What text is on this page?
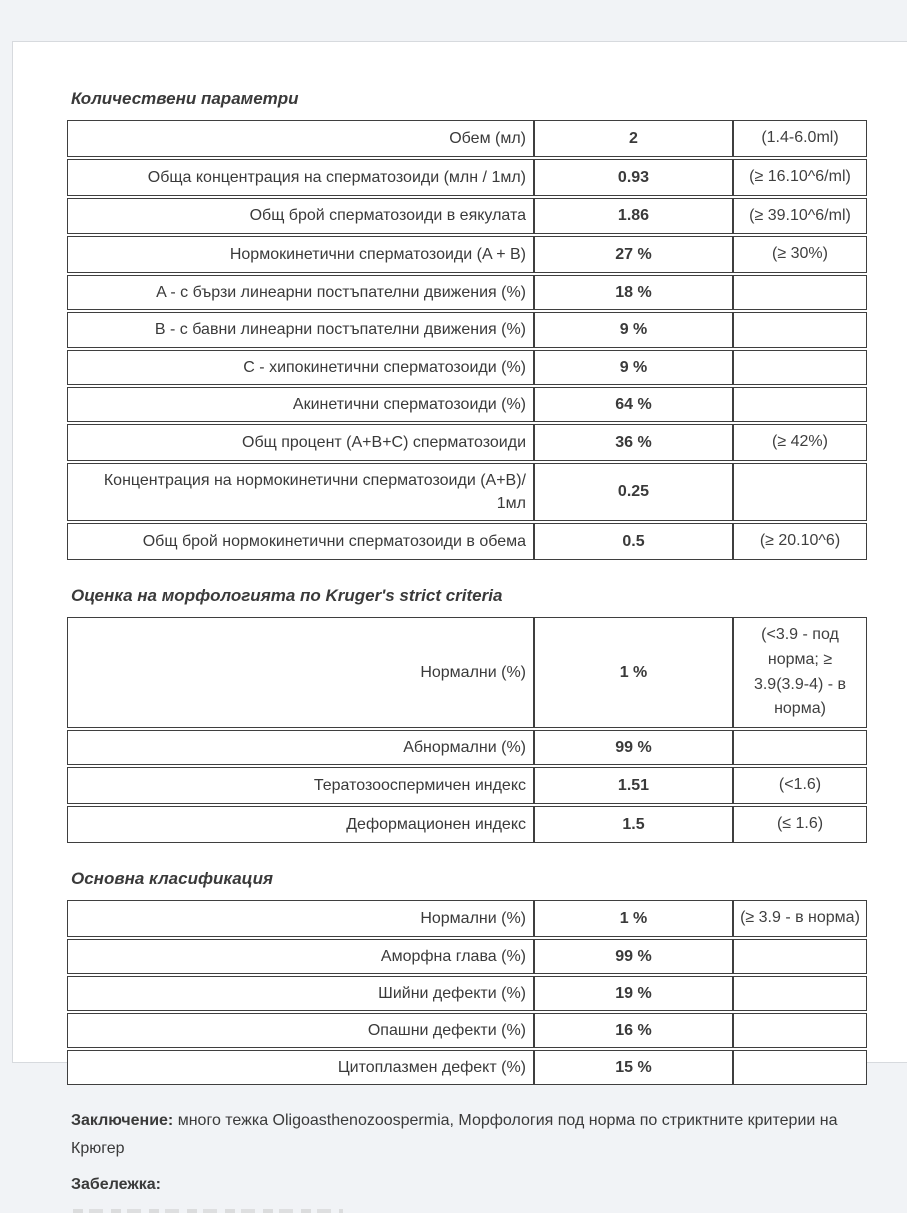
Количествени параметри
Обем (мл)	2	(1.4-6.0ml)
Обща концентрация на сперматозоиди (млн / 1мл)	0.93	(≥ 16.10^6/ml)
Общ брой сперматозоиди в еякулата	1.86	(≥ 39.10^6/ml)
Нормокинетични сперматозоиди (A + B)	27 %	(≥ 30%)
A - с бързи линеарни постъпателни движения (%)	18 %	
B - с бавни линеарни постъпателни движения (%)	9 %	
C - хипокинетични сперматозоиди (%)	9 %	
Акинетични сперматозоиди (%)	64 %	
Общ процент (A+B+C) сперматозоиди	36 %	(≥ 42%)
Концентрация на нормокинетични сперматозоиди (A+B)/ 1мл	0.25	
Общ брой нормокинетични сперматозоиди в обема	0.5	(≥ 20.10^6)
Оценка на морфологията по Kruger's strict criteria
Нормални (%)	1 %	(<3.9 - под норма; ≥ 3.9(3.9-4) - в норма)
Абнормални (%)	99 %	
Тератозооспермичен индекс	1.51	(<1.6)
Деформационен индекс	1.5	(≤ 1.6)
Основна класификация
Нормални (%)	1 %	(≥ 3.9 - в норма)
Аморфна глава (%)	99 %	
Шийни дефекти (%)	19 %	
Опашни дефекти (%)	16 %	
Цитоплазмен дефект (%)	15 %	

Заключение: много тежка Oligoasthenozoospermia, Морфология под норма по стриктните критерии на Крюгер

Забележка:
